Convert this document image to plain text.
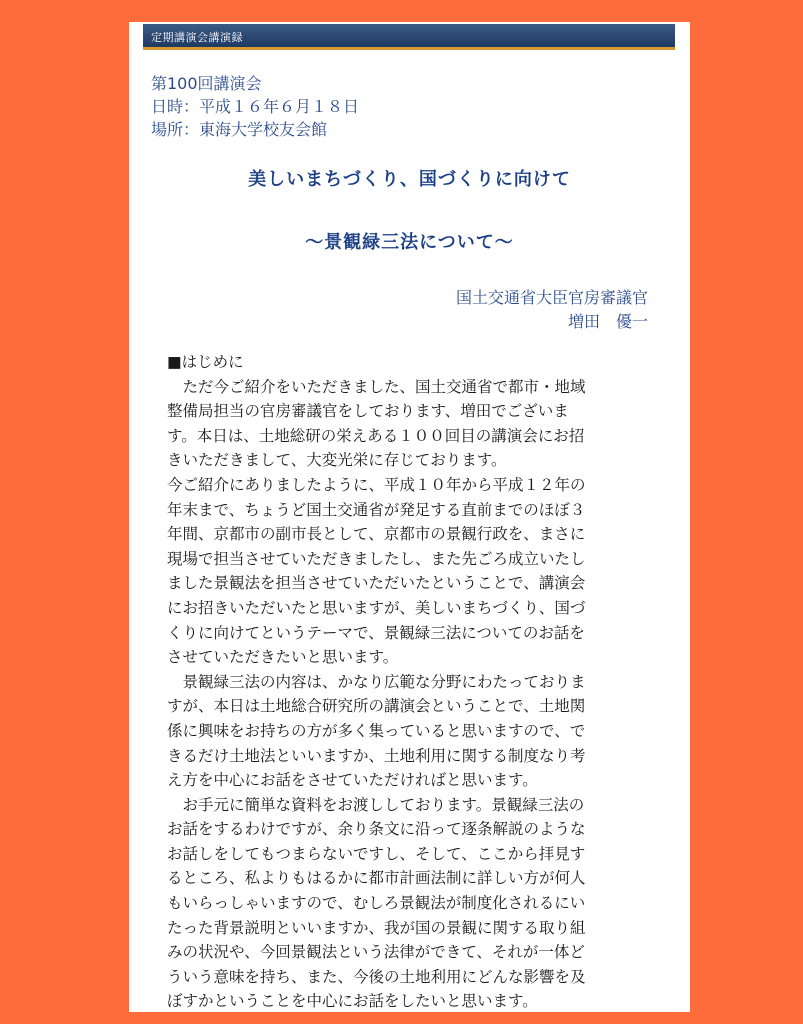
定期講演会講演録
第100回講演会
日時：平成１６年６月１８日
場所：東海大学校友会館
美しいまちづくり、国づくりに向けて
～景観緑三法について～
国土交通省大臣官房審議官
増田　優一
■はじめに
　ただ今ご紹介をいただきました、国土交通省で都市・地域
整備局担当の官房審議官をしております、増田でございま
す。本日は、土地総研の栄えある１００回目の講演会にお招
きいただきまして、大変光栄に存じております。
今ご紹介にありましたように、平成１０年から平成１２年の
年末まで、ちょうど国土交通省が発足する直前までのほぼ３
年間、京都市の副市長として、京都市の景観行政を、まさに
現場で担当させていただきましたし、また先ごろ成立いたし
ました景観法を担当させていただいたということで、講演会
にお招きいただいたと思いますが、美しいまちづくり、国づ
くりに向けてというテーマで、景観緑三法についてのお話を
させていただきたいと思います。
　景観緑三法の内容は、かなり広範な分野にわたっておりま
すが、本日は土地総合研究所の講演会ということで、土地関
係に興味をお持ちの方が多く集っていると思いますので、で
きるだけ土地法といいますか、土地利用に関する制度なり考
え方を中心にお話をさせていただければと思います。
　お手元に簡単な資料をお渡ししております。景観緑三法の
お話をするわけですが、余り条文に沿って逐条解説のような
お話しをしてもつまらないですし、そして、ここから拝見す
るところ、私よりもはるかに都市計画法制に詳しい方が何人
もいらっしゃいますので、むしろ景観法が制度化されるにい
たった背景説明といいますか、我が国の景観に関する取り組
みの状況や、今回景観法という法律ができて、それが一体ど
ういう意味を持ち、また、今後の土地利用にどんな影響を及
ぼすかということを中心にお話をしたいと思います。
